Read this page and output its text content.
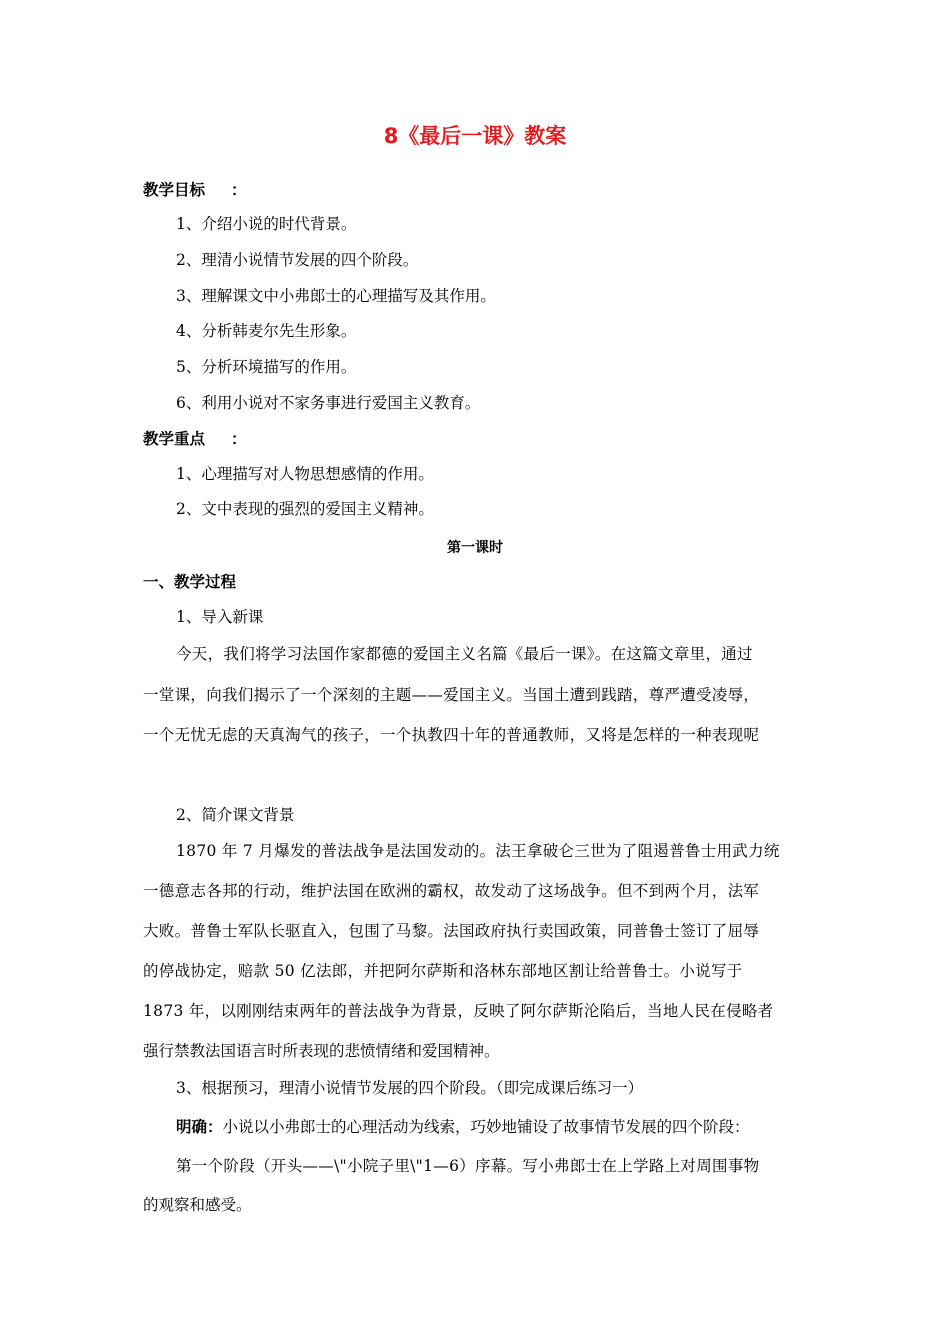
8《最后一课》教案
教学目标 ：
1、介绍小说的时代背景。
2、理清小说情节发展的四个阶段。
3、理解课文中小弗郎士的心理描写及其作用。
4、分析韩麦尔先生形象。
5、分析环境描写的作用。
6、利用小说对不家务事进行爱国主义教育。
教学重点 ：
1、心理描写对人物思想感情的作用。
2、文中表现的强烈的爱国主义精神。
第一课时
一、教学过程
1、导入新课
今天，我们将学习法国作家都德的爱国主义名篇《最后一课》。在这篇文章里，通过
一堂课，向我们揭示了一个深刻的主题——爱国主义。当国土遭到践踏，尊严遭受凌辱，
一个无忧无虑的天真淘气的孩子，一个执教四十年的普通教师，又将是怎样的一种表现呢
2、简介课文背景
1870 年 7 月爆发的普法战争是法国发动的。法王拿破仑三世为了阻遏普鲁士用武力统
一德意志各邦的行动，维护法国在欧洲的霸权，故发动了这场战争。但不到两个月，法军
大败。普鲁士军队长驱直入，包围了马黎。法国政府执行卖国政策，同普鲁士签订了屈辱
的停战协定，赔款 50 亿法郎，并把阿尔萨斯和洛林东部地区割让给普鲁士。小说写于
1873 年，以刚刚结束两年的普法战争为背景，反映了阿尔萨斯沦陷后，当地人民在侵略者
强行禁教法国语言时所表现的悲愤情绪和爱国精神。
3、根据预习，理清小说情节发展的四个阶段。（即完成课后练习一）
明确：小说以小弗郎士的心理活动为线索，巧妙地铺设了故事情节发展的四个阶段：
第一个阶段（开头——\"小院子里\"1—6）序幕。写小弗郎士在上学路上对周围事物
的观察和感受。
